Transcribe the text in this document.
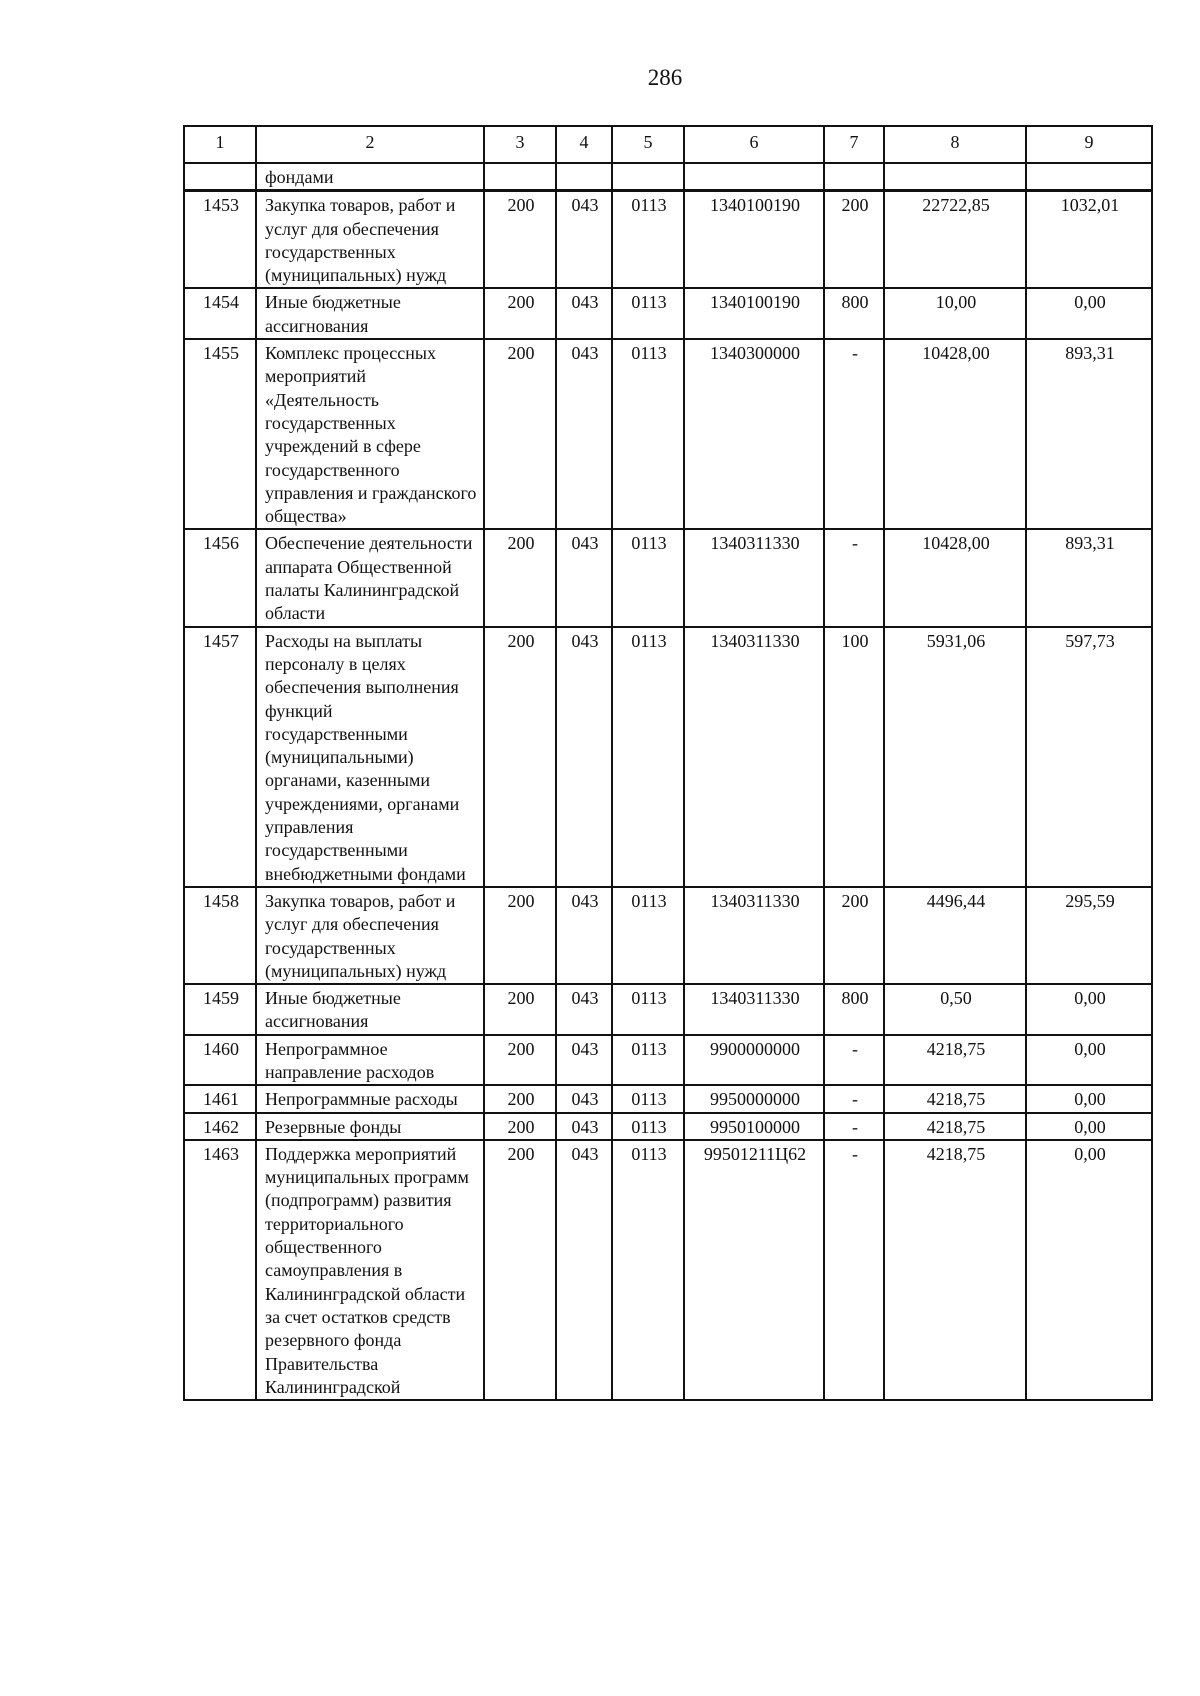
286
1	2	3	4	5	6	7	8	9
	фондами							
1453	Закупка товаров, работ и услуг для обеспечения государственных (муниципальных) нужд	200	043	0113	1340100190	200	22722,85	1032,01
1454	Иные бюджетные ассигнования	200	043	0113	1340100190	800	10,00	0,00
1455	Комплекс процессных мероприятий «Деятельность государственных учреждений в сфере государственного управления и гражданского общества»	200	043	0113	1340300000	-	10428,00	893,31
1456	Обеспечение деятельности аппарата Общественной палаты Калининградской области	200	043	0113	1340311330	-	10428,00	893,31
1457	Расходы на выплаты персоналу в целях обеспечения выполнения функций государственными (муниципальными) органами, казенными учреждениями, органами управления государственными внебюджетными фондами	200	043	0113	1340311330	100	5931,06	597,73
1458	Закупка товаров, работ и услуг для обеспечения государственных (муниципальных) нужд	200	043	0113	1340311330	200	4496,44	295,59
1459	Иные бюджетные ассигнования	200	043	0113	1340311330	800	0,50	0,00
1460	Непрограммное направление расходов	200	043	0113	9900000000	-	4218,75	0,00
1461	Непрограммные расходы	200	043	0113	9950000000	-	4218,75	0,00
1462	Резервные фонды	200	043	0113	9950100000	-	4218,75	0,00
1463	Поддержка мероприятий муниципальных программ (подпрограмм) развития территориального общественного самоуправления в Калининградской области за счет остатков средств резервного фонда Правительства Калининградской	200	043	0113	99501211Ц62	-	4218,75	0,00
